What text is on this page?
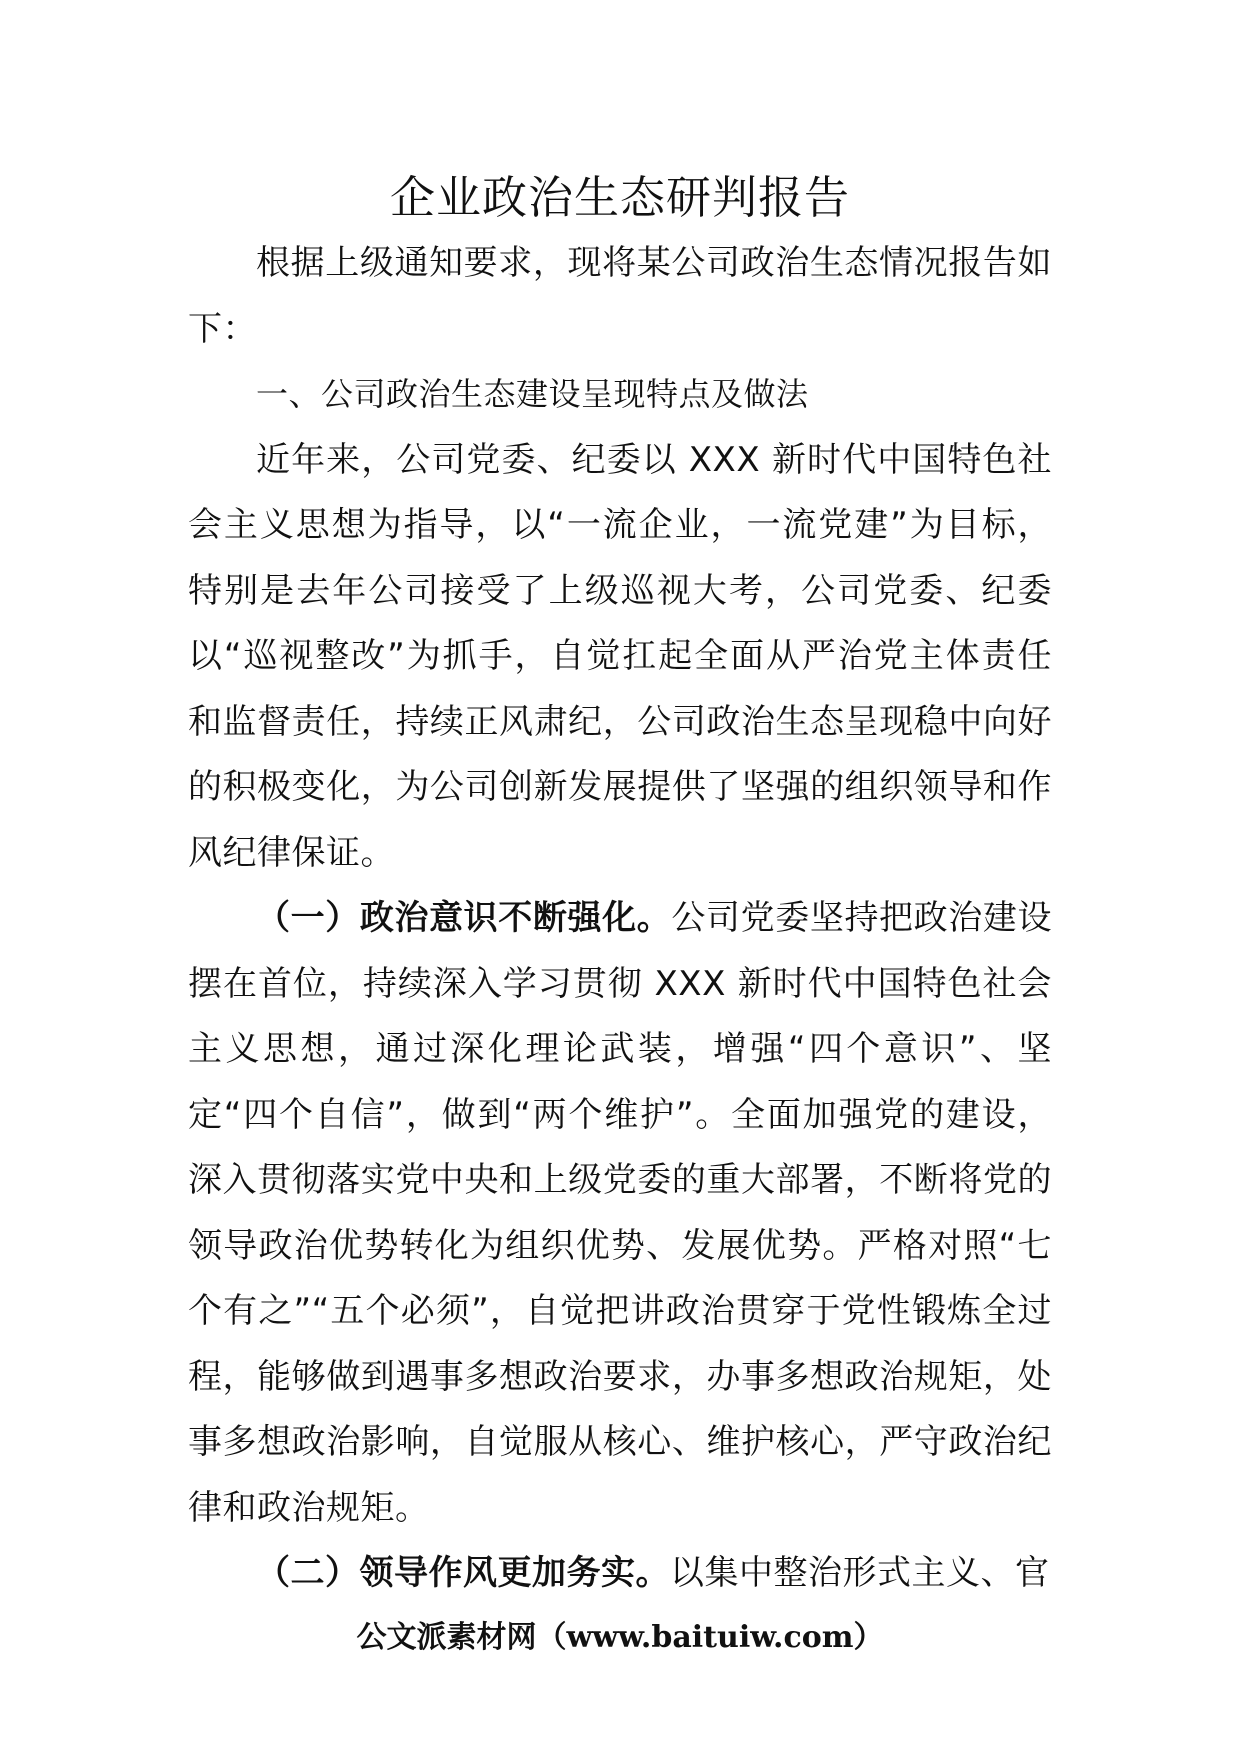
企业政治生态研判报告

根据上级通知要求，现将某公司政治生态情况报告如下：

一、公司政治生态建设呈现特点及做法

近年来，公司党委、纪委以 XXX 新时代中国特色社会主义思想为指导，以“一流企业，一流党建”为目标，特别是去年公司接受了上级巡视大考，公司党委、纪委以“巡视整改”为抓手，自觉扛起全面从严治党主体责任和监督责任，持续正风肃纪，公司政治生态呈现稳中向好的积极变化，为公司创新发展提供了坚强的组织领导和作风纪律保证。

（一）政治意识不断强化。公司党委坚持把政治建设摆在首位，持续深入学习贯彻 XXX 新时代中国特色社会主义思想，通过深化理论武装，增强“四个意识”、坚定“四个自信”，做到“两个维护”。全面加强党的建设，深入贯彻落实党中央和上级党委的重大部署，不断将党的领导政治优势转化为组织优势、发展优势。严格对照“七个有之”“五个必须”，自觉把讲政治贯穿于党性锻炼全过程，能够做到遇事多想政治要求，办事多想政治规矩，处事多想政治影响，自觉服从核心、维护核心，严守政治纪律和政治规矩。

（二）领导作风更加务实。以集中整治形式主义、官

公文派素材网（www.baituiw.com）
